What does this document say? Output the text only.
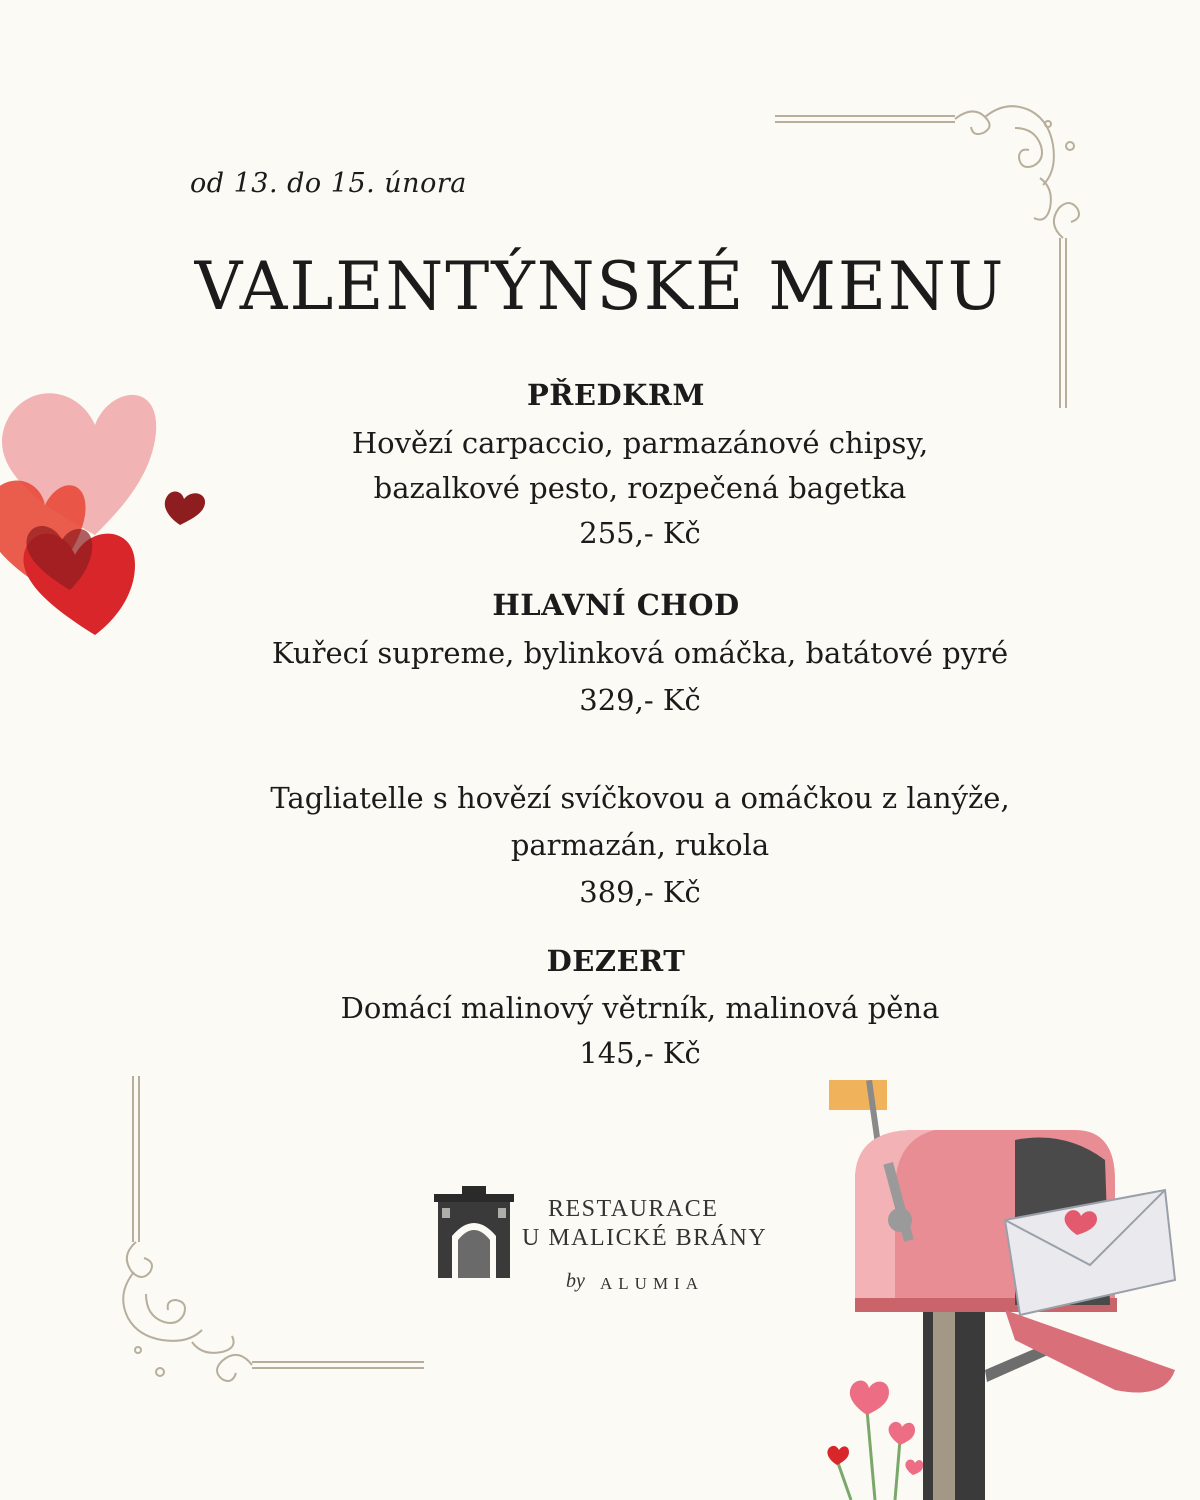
od 13. do 15. února
VALENTÝNSKÉ MENU
PŘEDKRM
Hovězí carpaccio, parmazánové chipsy,
bazalkové pesto, rozpečená bagetka
255,- Kč
HLAVNÍ CHOD
Kuřecí supreme, bylinková omáčka, batátové pyré
329,- Kč
Tagliatelle s hovězí svíčkovou a omáčkou z lanýže,
parmazán, rukola
389,- Kč
DEZERT
Domácí malinový větrník, malinová pěna
145,- Kč
RESTAURACE
U MALICKÉ BRÁNY
by ALUMIA
